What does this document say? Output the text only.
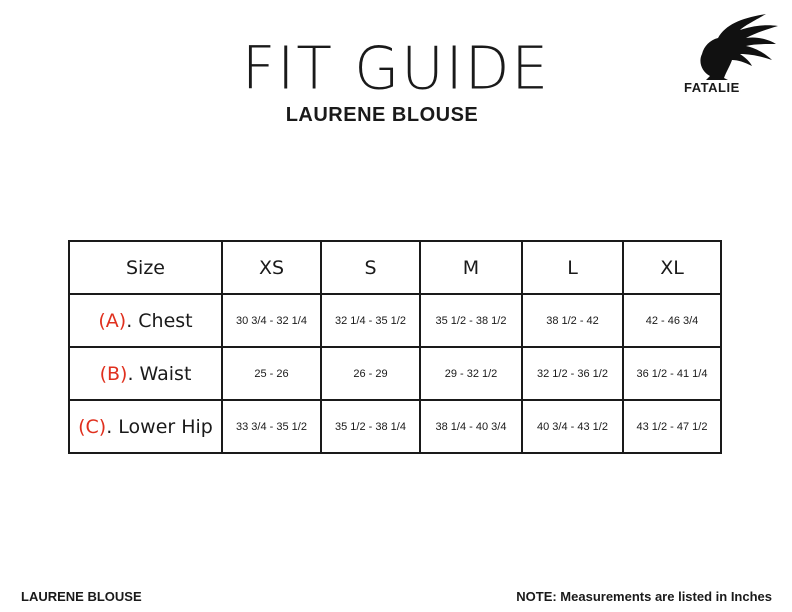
FIT GUIDE
LAURENE BLOUSE
FATALIE
Size	XS	S	M	L	XL
(A). Chest	30 3/4 - 32 1/4	32 1/4 - 35 1/2	35 1/2 - 38 1/2	38 1/2 - 42	42 - 46 3/4
(B). Waist	25 - 26	26 - 29	29 - 32 1/2	32 1/2 - 36 1/2	36 1/2 - 41 1/4
(C). Lower Hip	33 3/4 - 35 1/2	35 1/2 - 38 1/4	38 1/4 - 40 3/4	40 3/4 - 43 1/2	43 1/2 - 47 1/2
LAURENE BLOUSE	NOTE: Measurements are listed in Inches
